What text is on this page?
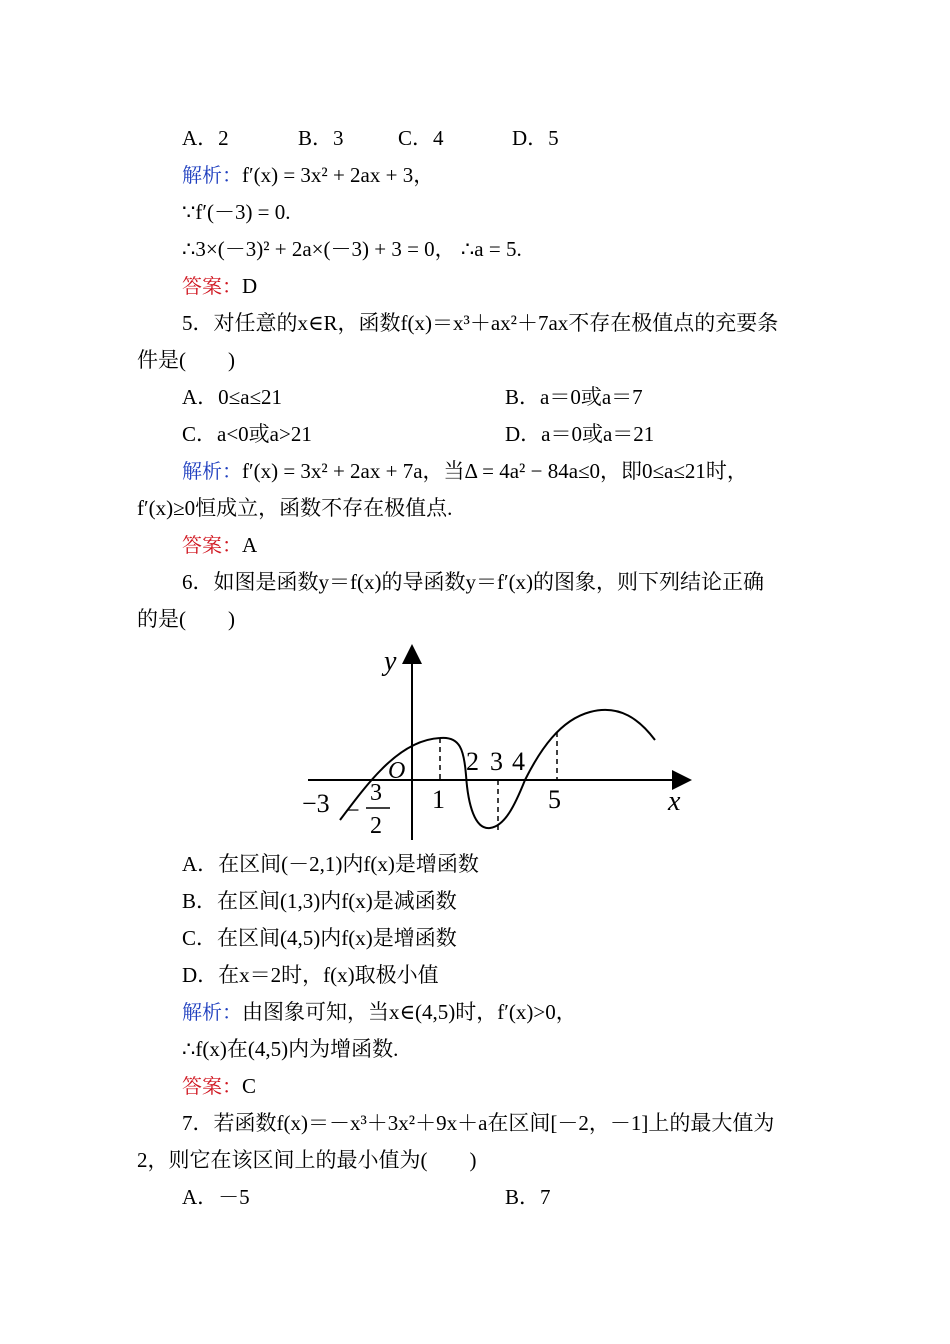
A．2	B．3	C．4	D．5
解析：f′(x) = 3x² + 2ax + 3，
∵f′(－3) = 0.
∴3×(－3)² + 2a×(－3) + 3 = 0， ∴a = 5.
答案：D
5．对任意的x∈R，函数f(x)＝x³＋ax²＋7ax不存在极值点的充要条
件是(　　)
A．0≤a≤21	B．a＝0或a＝7
C．a<0或a>21	D．a＝0或a＝21
解析：f′(x) = 3x² + 2ax + 7a，当Δ = 4a² − 84a≤0，即0≤a≤21时，
f′(x)≥0恒成立，函数不存在极值点.
答案：A
6．如图是函数y＝f(x)的导函数y＝f′(x)的图象，则下列结论正确
的是(　　)
y
x
O
−3 −
3
2
1
2 3 4
5
A．在区间(－2,1)内f(x)是增函数
B．在区间(1,3)内f(x)是减函数
C．在区间(4,5)内f(x)是增函数
D．在x＝2时，f(x)取极小值
解析：由图象可知，当x∈(4,5)时，f′(x)>0，
∴f(x)在(4,5)内为增函数.
答案：C
7．若函数f(x)＝－x³＋3x²＋9x＋a在区间[－2，－1]上的最大值为
2，则它在该区间上的最小值为(　　)
A．－5	B．7
